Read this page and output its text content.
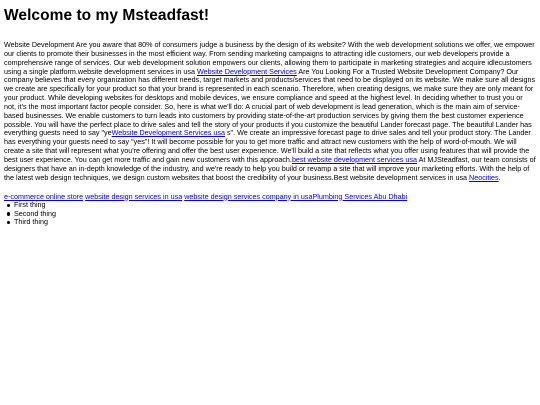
Welcome to my Msteadfast!

Website Development Are you aware that 80% of consumers judge a business by the design of its website? With the web development solutions we offer, we empower our clients to promote their businesses in the most efficient way. From sending marketing campaigns to attracting idle customers, our web developers provide a comprehensive range of services. Our web development solution empowers our clients, allowing them to participate in marketing strategies and acquire idlecustomers using a single platform.website development services in usa Website Development Services Are You Looking For a Trusted Website Development Company? Our company believes that every organization has different needs, target markets and products/services that need to be displayed on its website. We make sure all designs we create are specifically for your product so that your brand is represented in each scenario. Therefore, when creating designs, we make sure they are only meant for your product. While developing websites for desktops and mobile devices, we ensure compliance and speed at the highest level. In deciding whether to trust you or not, it's the most important factor people consider. So, here is what we'll do: A crucial part of web development is lead generation, which is the main aim of service-based businesses. We enable customers to turn leads into customers by providing state-of-the-art production services by giving them the best customer experience possible. You will have the perfect place to drive sales and tell the story of your products if you customize the beautiful Lander forecast page. The beautiful Lander has everything guests need to say "yeWebsite Development Services usa s". We create an impressive forecast page to drive sales and tell your product story. The Lander has everything your guests need to say "yes"! It will become possible for you to get more traffic and attract new customers with the help of word-of-mouth. We will create a site that will represent what you're offering and offer the best user experience. We'll build a site that reflects what you offer using features that will provide the best user experience. You can get more traffic and gain new customers with this approach.best website development services usa At MJSteadfast, our team consists of designers that have an in-depth knowledge of the industry, and we're ready to help you build or revamp a site that will improve your marketing efforts. With the help of the latest web design techniques, we design custom websites that boost the credibility of your business.Best website development services in usa Neocities.

e-commerce online store website design services in usa website design services company in usaPlumbing Services Abu Dhabi
First thing
Second thing
Third thing
